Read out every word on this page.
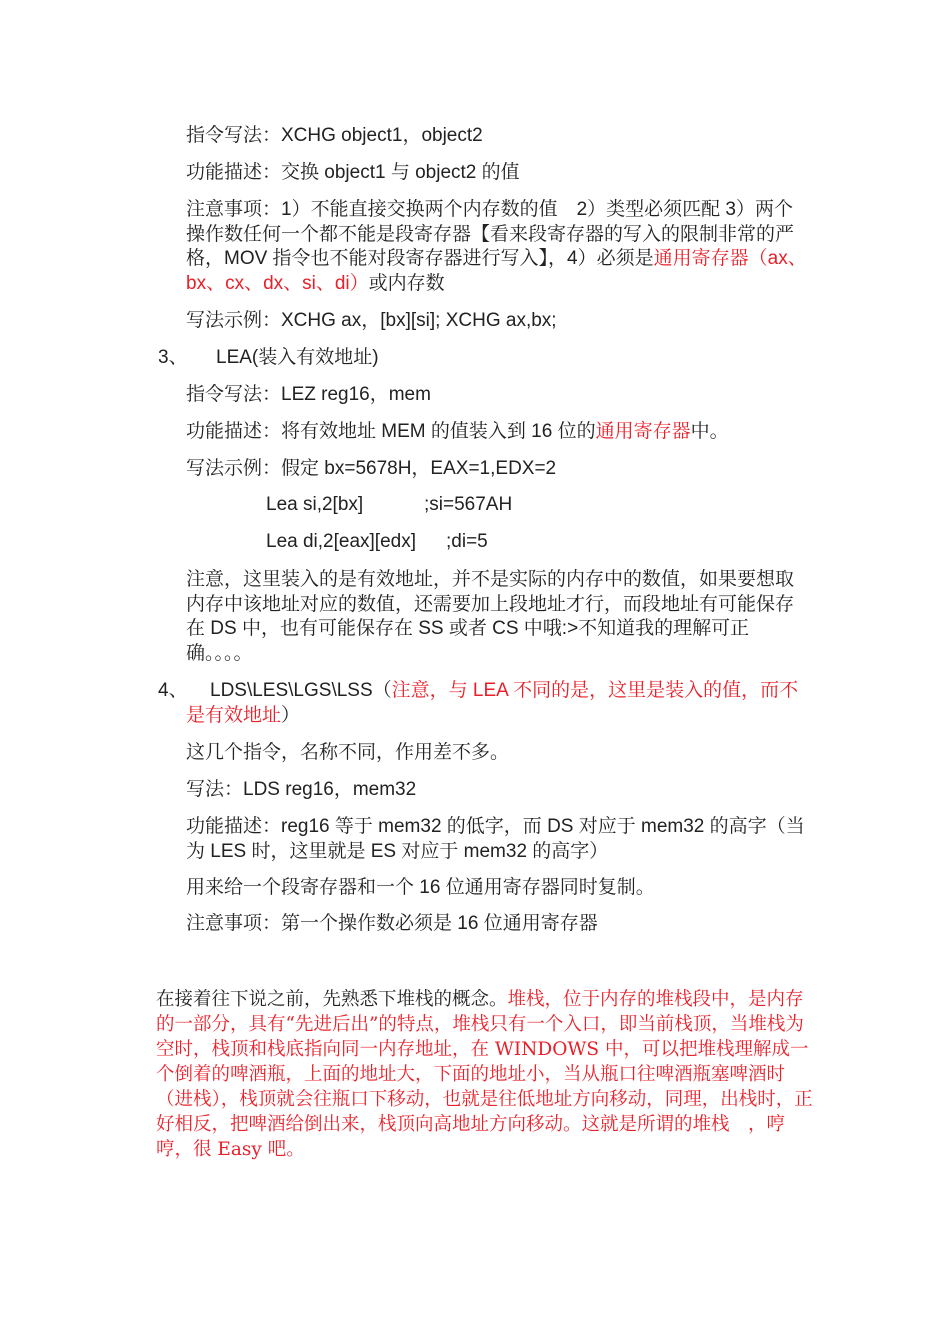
指令写法：XCHG object1，object2
功能描述：交换 object1 与 object2 的值
注意事项：1）不能直接交换两个内存数的值　2）类型必须匹配 3）两个操作数任何一个都不能是段寄存器【看来段寄存器的写入的限制非常的严格，MOV 指令也不能对段寄存器进行写入】，4）必须是通用寄存器（ax、bx、cx、dx、si、di）或内存数
写法示例：XCHG ax，[bx][si]; XCHG ax,bx;
3、 LEA(装入有效地址)
指令写法：LEZ reg16，mem
功能描述：将有效地址 MEM 的值装入到 16 位的通用寄存器中。
写法示例：假定 bx=5678H，EAX=1,EDX=2
Lea si,2[bx]	;si=567AH
Lea di,2[eax][edx] ;di=5
注意，这里装入的是有效地址，并不是实际的内存中的数值，如果要想取内存中该地址对应的数值，还需要加上段地址才行，而段地址有可能保存在 DS 中，也有可能保存在 SS 或者 CS 中哦:>不知道我的理解可正确。。。。
4、	LDS\LES\LGS\LSS（注意，与 LEA 不同的是，这里是装入的值，而不是有效地址）
这几个指令，名称不同，作用差不多。
写法：LDS reg16，mem32
功能描述：reg16 等于 mem32 的低字，而 DS 对应于 mem32 的高字（当为 LES 时，这里就是 ES 对应于 mem32 的高字）
用来给一个段寄存器和一个 16 位通用寄存器同时复制。
注意事项：第一个操作数必须是 16 位通用寄存器
在接着往下说之前，先熟悉下堆栈的概念。堆栈，位于内存的堆栈段中，是内存的一部分，具有“先进后出”的特点，堆栈只有一个入口，即当前栈顶，当堆栈为空时，栈顶和栈底指向同一内存地址，在 WINDOWS 中，可以把堆栈理解成一个倒着的啤酒瓶，上面的地址大，下面的地址小，当从瓶口往啤酒瓶塞啤酒时（进栈），栈顶就会往瓶口下移动，也就是往低地址方向移动，同理，出栈时，正好相反，把啤酒给倒出来，栈顶向高地址方向移动。这就是所谓的堆栈　，哼哼，很 Easy 吧。
